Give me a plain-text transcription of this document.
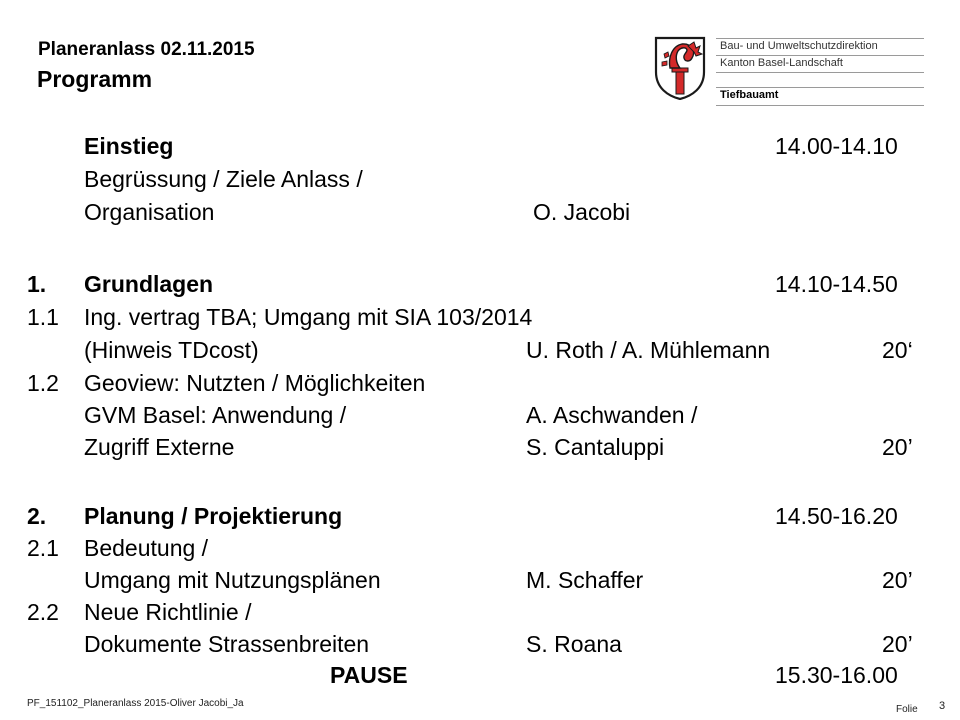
Planeranlass 02.11.2015
Programm
Bau- und Umweltschutzdirektion
Kanton Basel-Landschaft
Tiefbauamt
Einstieg	14.00-14.10
Begrüssung / Ziele Anlass /
Organisation	O. Jacobi
1. Grundlagen	14.10-14.50
1.1 Ing. vertrag TBA; Umgang mit SIA 103/2014
(Hinweis TDcost)	U. Roth / A. Mühlemann	20‘
1.2 Geoview: Nutzten / Möglichkeiten
GVM Basel: Anwendung /	A. Aschwanden /
Zugriff Externe	S. Cantaluppi	20’
2. Planung / Projektierung	14.50-16.20
2.1 Bedeutung /
Umgang mit Nutzungsplänen	M. Schaffer	20’
2.2 Neue Richtlinie /
Dokumente Strassenbreiten	S. Roana	20’
PAUSE	15.30-16.00
PF_151102_Planeranlass 2015-Oliver Jacobi_Ja
Folie 3
